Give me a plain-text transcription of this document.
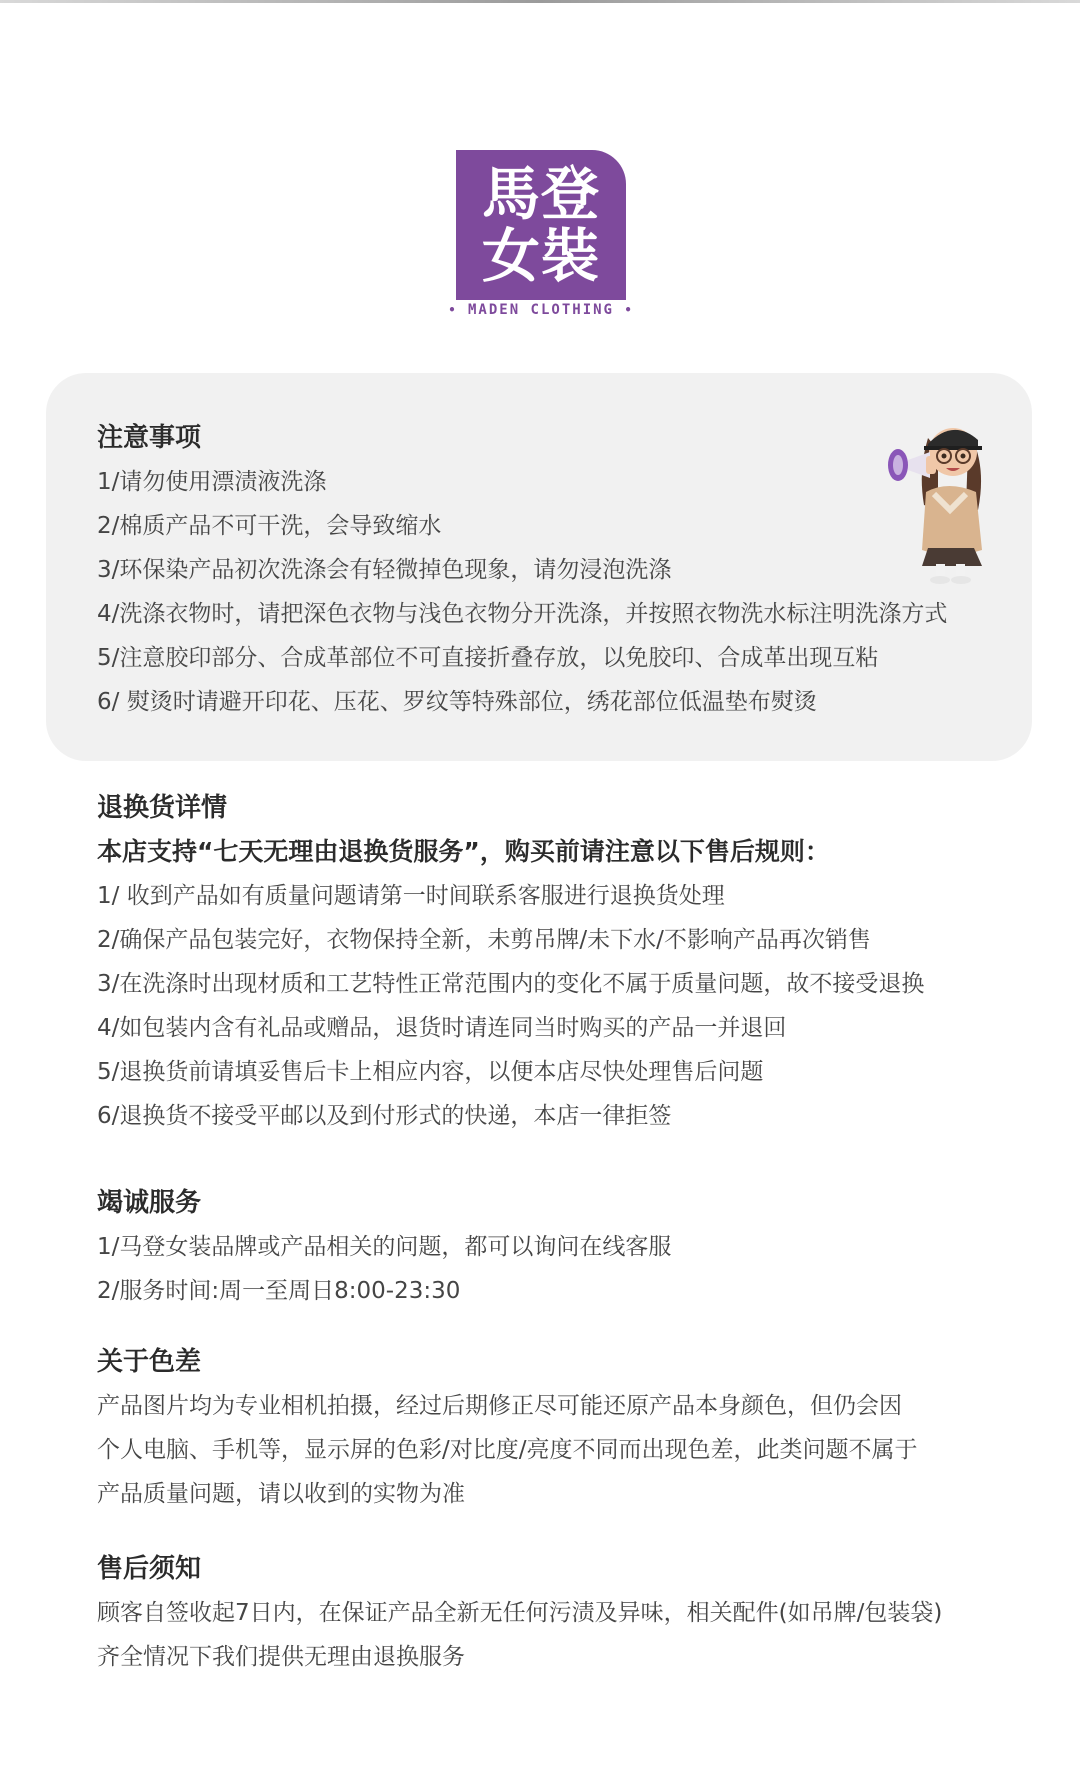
馬登
女裝
• MADEN CLOTHING •
注意事项
1/请勿使用漂渍液洗涤
2/棉质产品不可干洗，会导致缩水
3/环保染产品初次洗涤会有轻微掉色现象，请勿浸泡洗涤
4/洗涤衣物时，请把深色衣物与浅色衣物分开洗涤，并按照衣物洗水标注明洗涤方式
5/注意胶印部分、合成革部位不可直接折叠存放，以免胶印、合成革出现互粘
6/ 熨烫时请避开印花、压花、罗纹等特殊部位，绣花部位低温垫布熨烫
退换货详情
本店支持“七天无理由退换货服务”，购买前请注意以下售后规则：
1/ 收到产品如有质量问题请第一时间联系客服进行退换货处理
2/确保产品包装完好，衣物保持全新，未剪吊牌/未下水/不影响产品再次销售
3/在洗涤时出现材质和工艺特性正常范围内的变化不属于质量问题，故不接受退换
4/如包装内含有礼品或赠品，退货时请连同当时购买的产品一并退回
5/退换货前请填妥售后卡上相应内容，以便本店尽快处理售后问题
6/退换货不接受平邮以及到付形式的快递，本店一律拒签
竭诚服务
1/马登女装品牌或产品相关的问题，都可以询问在线客服
2/服务时间:周一至周日8:00-23:30
关于色差
产品图片均为专业相机拍摄，经过后期修正尽可能还原产品本身颜色，但仍会因
个人电脑、手机等，显示屏的色彩/对比度/亮度不同而出现色差，此类问题不属于
产品质量问题，请以收到的实物为准
售后须知
顾客自签收起7日内，在保证产品全新无任何污渍及异味，相关配件(如吊牌/包装袋)
齐全情况下我们提供无理由退换服务
